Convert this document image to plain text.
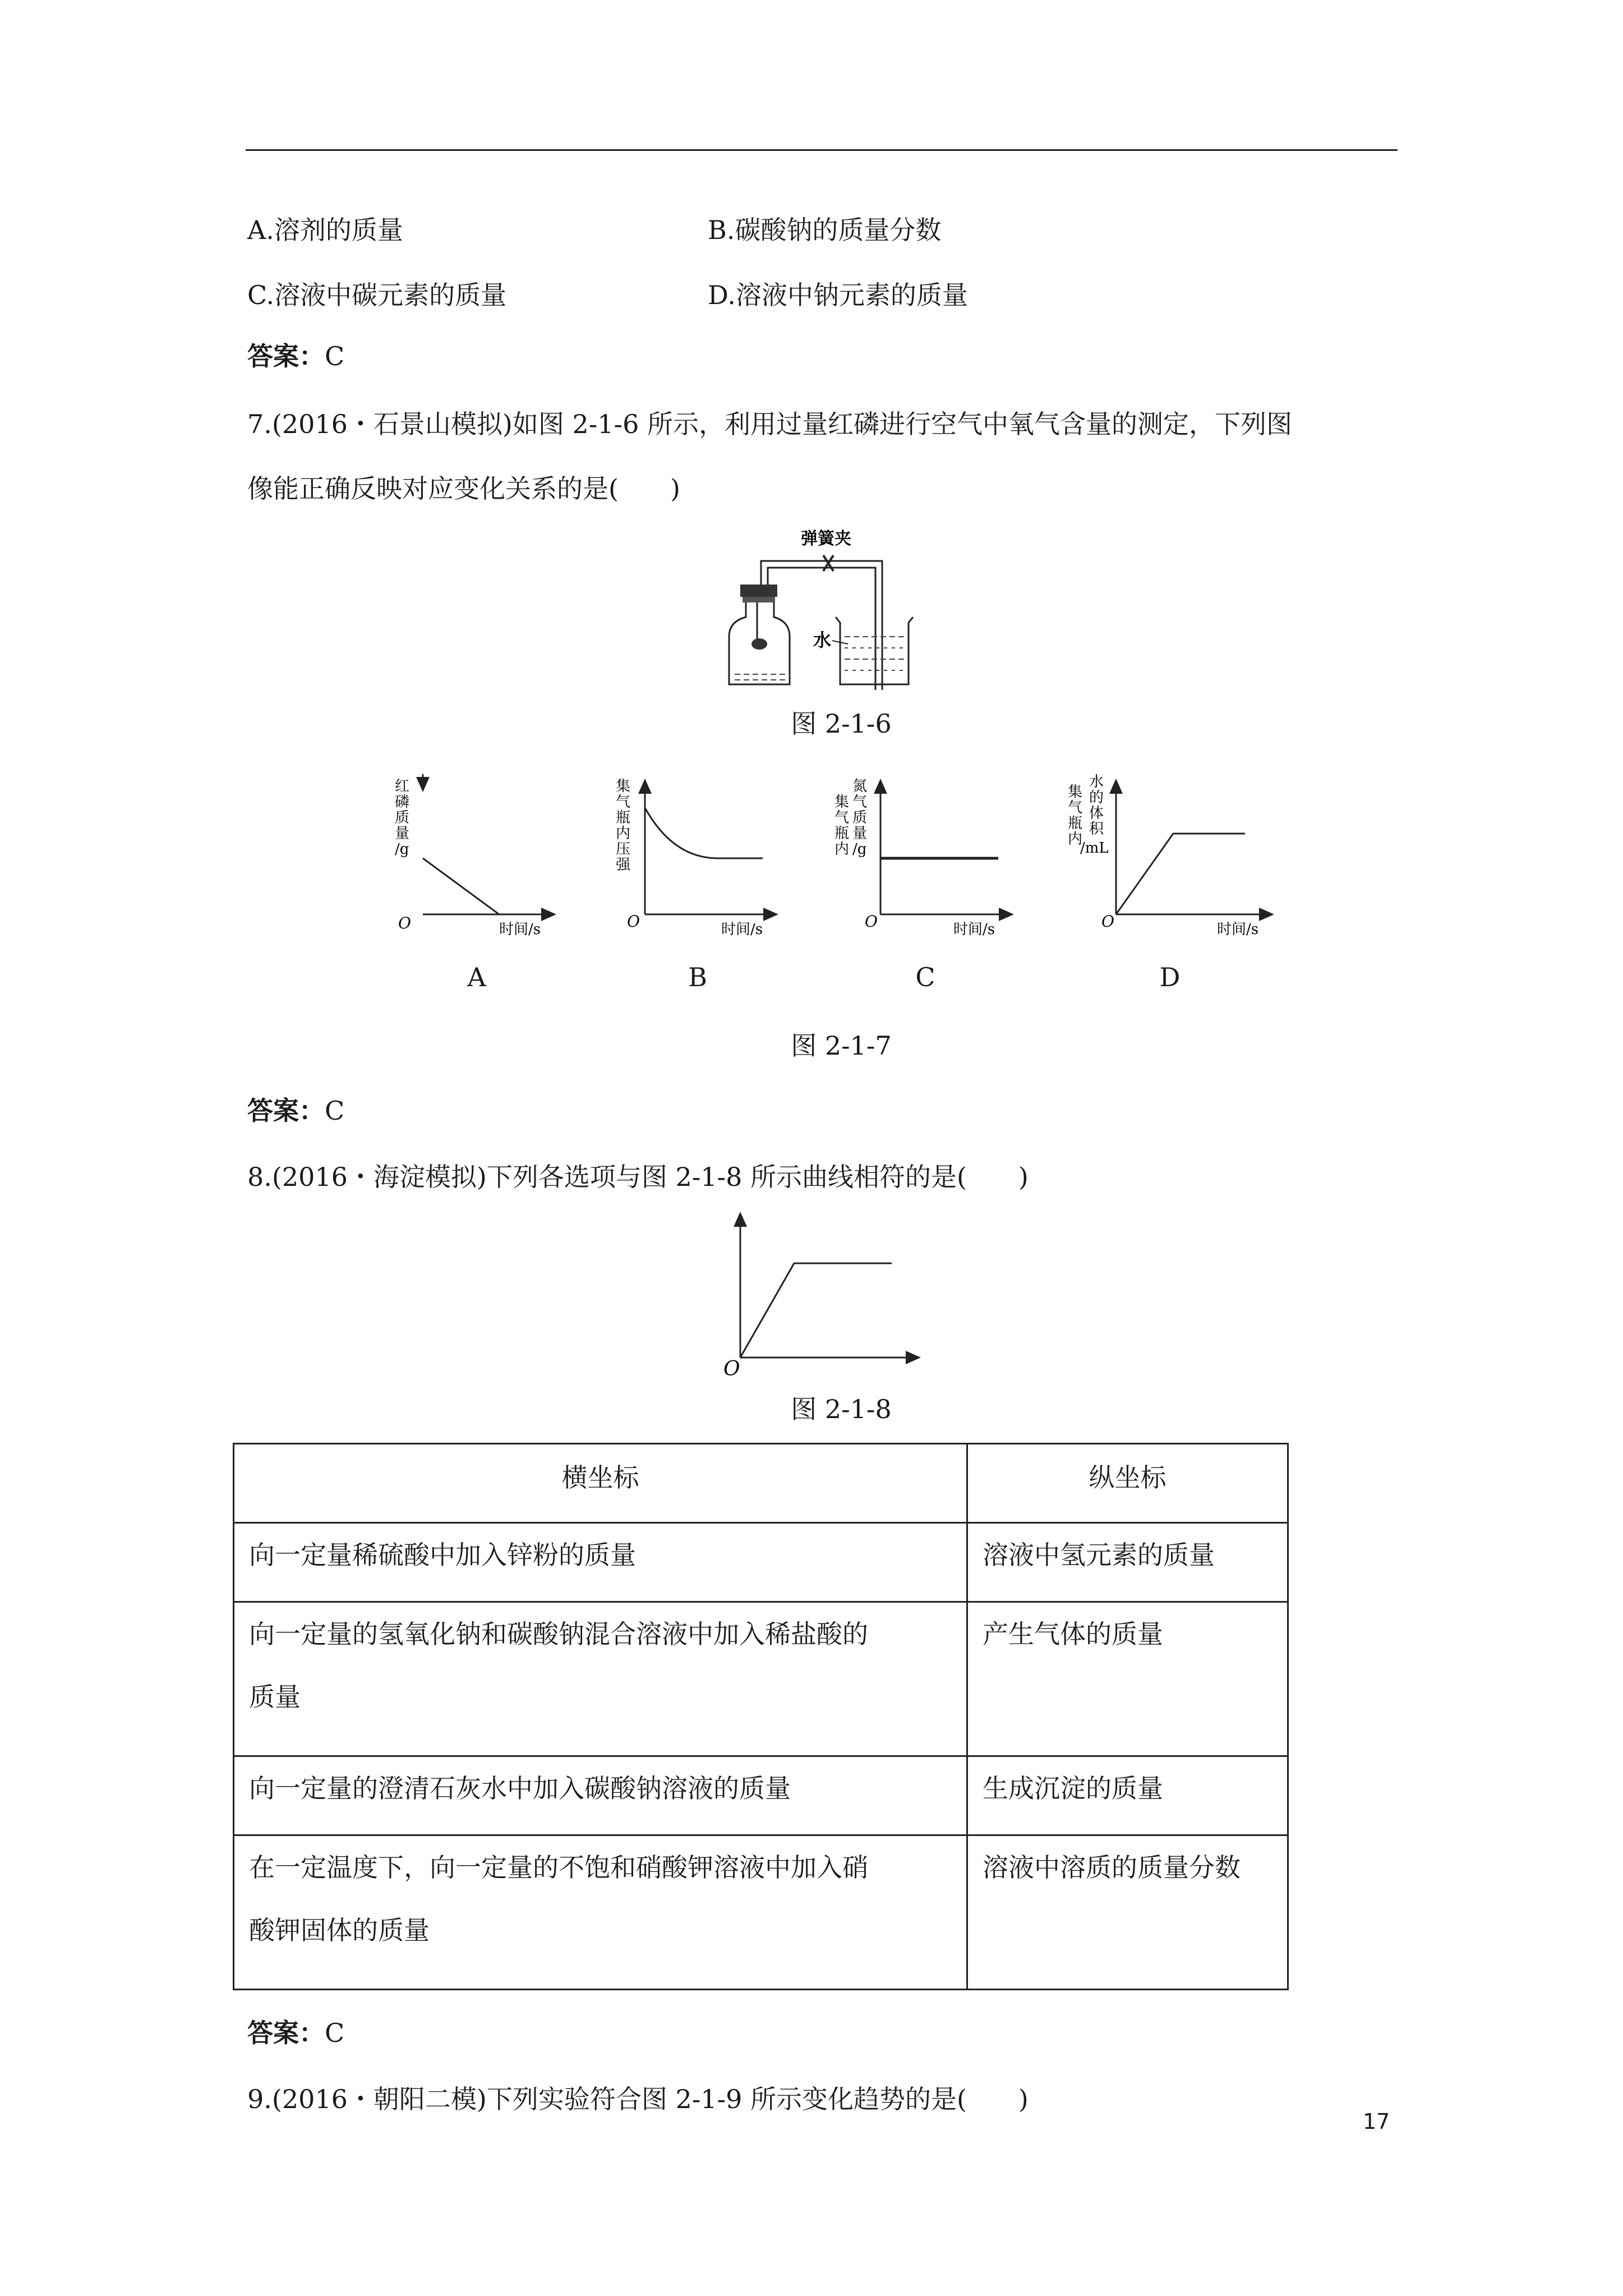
A.溶剂的质量	B.碳酸钠的质量分数
C.溶液中碳元素的质量	D.溶液中钠元素的质量
答案：C
7.(2016・石景山模拟)如图 2-1-6 所示，利用过量红磷进行空气中氧气含量的测定，下列图
像能正确反映对应变化关系的是(　　)
弹簧夹
水
图 2-1-6
O	时间/s
红磷质量/g
O	时间/s
集气瓶内压强
O	时间/s
集气瓶内 氮气质量/g
O	时间/s
集气瓶内 水的体积/mL
A	B	C	D
图 2-1-7
答案：C
8.(2016・海淀模拟)下列各选项与图 2-1-8 所示曲线相符的是(　　)
O
图 2-1-8
横坐标	纵坐标
向一定量稀硫酸中加入锌粉的质量	溶液中氢元素的质量
向一定量的氢氧化钠和碳酸钠混合溶液中加入稀盐酸的
质量	产生气体的质量
向一定量的澄清石灰水中加入碳酸钠溶液的质量	生成沉淀的质量
在一定温度下，向一定量的不饱和硝酸钾溶液中加入硝
酸钾固体的质量	溶液中溶质的质量分数
答案：C
9.(2016・朝阳二模)下列实验符合图 2-1-9 所示变化趋势的是(　　)
17
